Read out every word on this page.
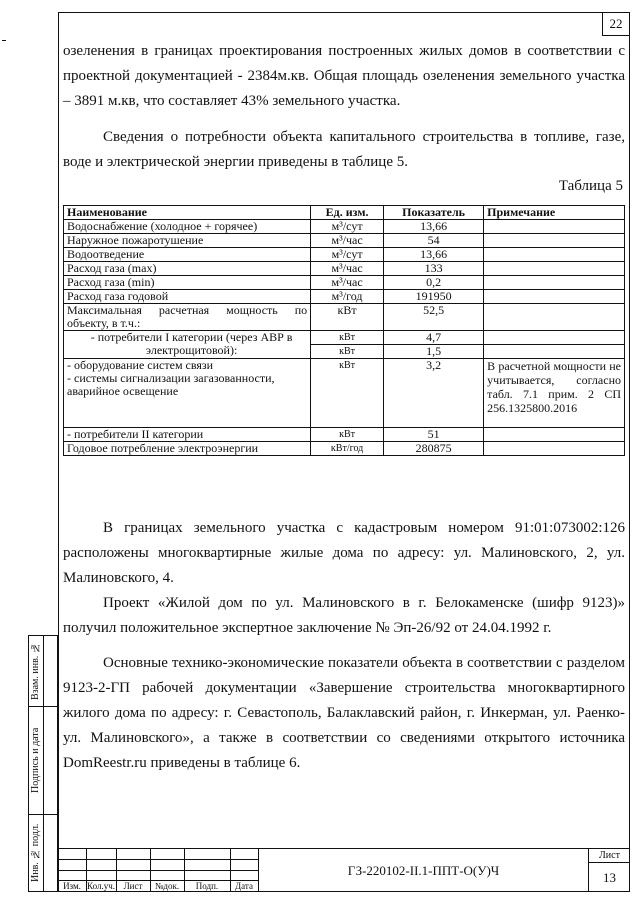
22

озеленения в границах проектирования построенных жилых домов в соответствии с проектной документацией - 2384м.кв. Общая площадь озеленения земельного участка – 3891 м.кв, что составляет 43% земельного участка.

Сведения о потребности объекта капитального строительства в топливе, газе, воде и электрической энергии приведены в таблице 5.

Таблица 5
Наименование	Ед. изм.	Показатель	Примечание
Водоснабжение (холодное + горячее)	м³/сут	13,66	
Наружное пожаротушение	м³/час	54	
Водоотведение	м³/сут	13,66	
Расход газа (max)	м³/час	133	
Расход газа (min)	м³/час	0,2	
Расход газа годовой	м³/год	191950	
Максимальная расчетная мощность по объекту, в т.ч.:	кВт	52,5	
- потребители I категории (через АВР в электрощитовой):	кВт	4,7	
	кВт	1,5	
- оборудование систем связи
- системы сигнализации загазованности, аварийное освещение	кВт	3,2	В расчетной мощности не учитывается, согласно табл. 7.1 прим. 2 СП 256.1325800.2016
- потребители II категории	кВт	51	
Годовое потребление электроэнергии	кВт/год	280875	

В границах земельного участка с кадастровым номером 91:01:073002:126 расположены многоквартирные жилые дома по адресу: ул. Малиновского, 2, ул. Малиновского, 4.

Проект «Жилой дом по ул. Малиновского в г. Белокаменске (шифр 9123)» получил положительное экспертное заключение № Эп-26/92 от 24.04.1992 г.

Основные технико-экономические показатели объекта в соответствии с разделом 9123-2-ГП рабочей документации «Завершение строительства многоквартирного жилого дома по адресу: г. Севастополь, Балаклавский район, г. Инкерман, ул. Раенко-ул. Малиновского», а также в соответствии со сведениями открытого источника DomReestr.ru приведены в таблице 6.

Взам. инв. №
Подпись и дата
Инв. № подл.
Изм. Кол.уч. Лист	№док.	Подп.	Дата
ГЗ-220102-II.1-ППТ-О(У)Ч
Лист
13
